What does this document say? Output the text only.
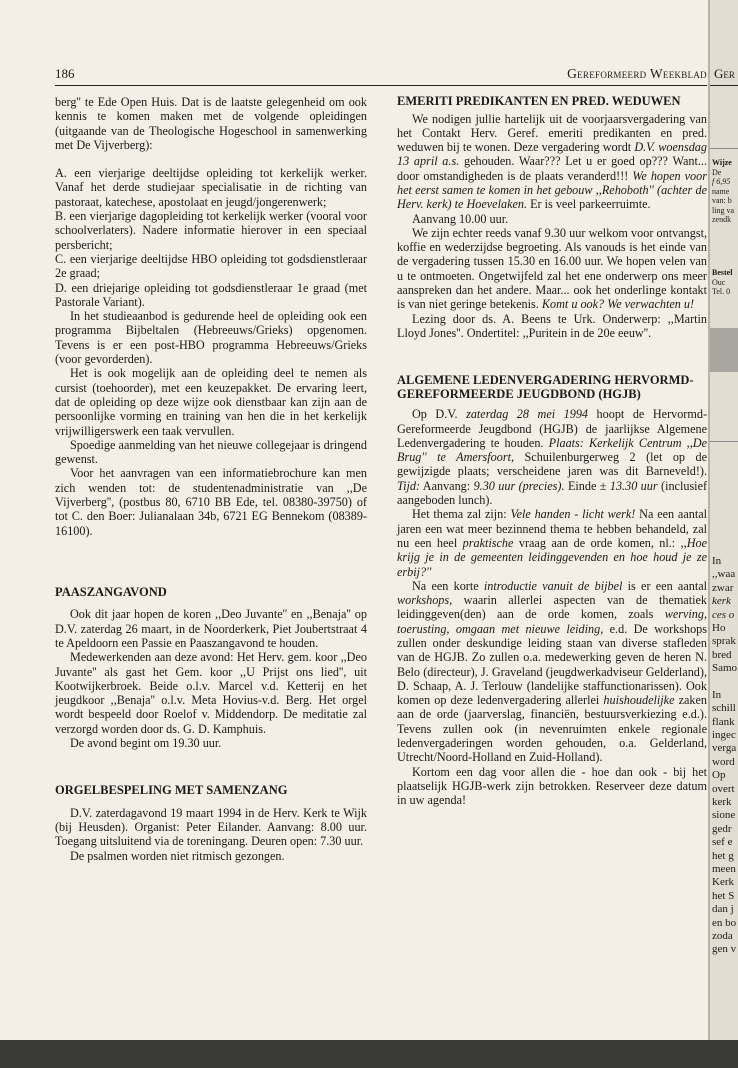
186	Gereformeerd Weekblad

berg'' te Ede Open Huis. Dat is de laatste gelegenheid om ook kennis te komen maken met de volgende opleidingen (uitgaande van de Theologische Hogeschool in samenwerking met De Vijverberg):

A. een vierjarige deeltijdse opleiding tot kerkelijk werker. Vanaf het derde studiejaar specialisatie in de richting van pastoraat, katechese, apostolaat en jeugd/jongerenwerk;

B. een vierjarige dagopleiding tot kerkelijk werker (vooral voor schoolverlaters). Nadere informatie hierover in een speciaal persbericht;

C. een vierjarige deeltijdse HBO opleiding tot godsdienstleraar 2e graad;

D. een driejarige opleiding tot godsdienstleraar 1e graad (met Pastorale Variant).

In het studieaanbod is gedurende heel de opleiding ook een programma Bijbeltalen (Hebreeuws/Grieks) opgenomen. Tevens is er een post-HBO programma Hebreeuws/Grieks (voor gevorderden).

Het is ook mogelijk aan de opleiding deel te nemen als cursist (toehoorder), met een keuzepakket. De ervaring leert, dat de opleiding op deze wijze ook dienstbaar kan zijn aan de persoonlijke vorming en training van hen die in het kerkelijk vrijwilligerswerk een taak vervullen.

Spoedige aanmelding van het nieuwe collegejaar is dringend gewenst.

Voor het aanvragen van een informatiebrochure kan men zich wenden tot: de studentenadministratie van ,,De Vijverberg'', (postbus 80, 6710 BB Ede, tel. 08380-39750) of tot C. den Boer: Julianalaan 34b, 6721 EG Bennekom (08389-16100).

PAASZANGAVOND

Ook dit jaar hopen de koren ,,Deo Juvante'' en ,,Benaja'' op D.V. zaterdag 26 maart, in de Noorderkerk, Piet Joubertstraat 4 te Apeldoorn een Passie en Paaszangavond te houden.

Medewerkenden aan deze avond: Het Herv. gem. koor ,,Deo Juvante'' als gast het Gem. koor ,,U Prijst ons lied'', uit Kootwijkerbroek. Beide o.l.v. Marcel v.d. Ketterij en het jeugdkoor ,,Benaja'' o.l.v. Meta Hovius-v.d. Berg. Het orgel wordt bespeeld door Roelof v. Middendorp. De meditatie zal verzorgd worden door ds. G. D. Kamphuis.

De avond begint om 19.30 uur.

ORGELBESPELING MET SAMENZANG

D.V. zaterdagavond 19 maart 1994 in de Herv. Kerk te Wijk (bij Heusden). Organist: Peter Eilander. Aanvang: 8.00 uur. Toegang uitsluitend via de toreningang. Deuren open: 7.30 uur.

De psalmen worden niet ritmisch gezongen.

EMERITI PREDIKANTEN EN PRED. WEDUWEN

We nodigen jullie hartelijk uit de voorjaarsvergadering van het Contakt Herv. Geref. emeriti predikanten en pred. weduwen bij te wonen. Deze vergadering wordt D.V. woensdag 13 april a.s. gehouden. Waar??? Let u er goed op??? Want... door omstandigheden is de plaats veranderd!!! We hopen voor het eerst samen te komen in het gebouw ,,Rehoboth'' (achter de Herv. kerk) te Hoevelaken. Er is veel parkeerruimte.

Aanvang 10.00 uur.

We zijn echter reeds vanaf 9.30 uur welkom voor ontvangst, koffie en wederzijdse begroeting. Als vanouds is het einde van de vergadering tussen 15.30 en 16.00 uur. We hopen velen van u te ontmoeten. Ongetwijfeld zal het ene onderwerp ons meer aanspreken dan het andere. Maar... ook het onderlinge kontakt is van niet geringe betekenis. Komt u ook? We verwachten u!

Lezing door ds. A. Beens te Urk. Onderwerp: ,,Martin Lloyd Jones''. Ondertitel: ,,Puritein in de 20e eeuw''.

ALGEMENE LEDENVERGADERING HERVORMD-GEREFORMEERDE JEUGDBOND (HGJB)

Op D.V. zaterdag 28 mei 1994 hoopt de Hervormd-Gereformeerde Jeugdbond (HGJB) de jaarlijkse Algemene Ledenvergadering te houden. Plaats: Kerkelijk Centrum ,,De Brug'' te Amersfoort, Schuilenburgerweg 2 (let op de gewijzigde plaats; verscheidene jaren was dit Barneveld!). Tijd: Aanvang: 9.30 uur (precies). Einde ± 13.30 uur (inclusief aangeboden lunch).

Het thema zal zijn: Vele handen - licht werk! Na een aantal jaren een wat meer bezinnend thema te hebben behandeld, zal nu een heel praktische vraag aan de orde komen, nl.: ,,Hoe krijg je in de gemeenten leidinggevenden en hoe houd je ze erbij?''

Na een korte introductie vanuit de bijbel is er een aantal workshops, waarin allerlei aspecten van de thematiek leidinggeven(den) aan de orde komen, zoals werving, toerusting, omgaan met nieuwe leiding, e.d. De workshops zullen onder deskundige leiding staan van diverse stafleden van de HGJB. Zo zullen o.a. medewerking geven de heren N. Belo (directeur), J. Graveland (jeugdwerkadviseur Gelderland), D. Schaap, A. J. Terlouw (landelijke staffunctionarissen). Ook komen op deze ledenvergadering allerlei huishoudelijke zaken aan de orde (jaarverslag, financiën, bestuursverkiezing e.d.). Tevens zullen ook (in nevenruimten enkele regionale ledenvergaderingen worden gehouden, o.a. Gelderland, Utrecht/Noord-Holland en Zuid-Holland).

Kortom een dag voor allen die - hoe dan ook - bij het plaatselijk HGJB-werk zijn betrokken. Reserveer deze datum in uw agenda!

Ger
Wijze
De
f 6,95
name
van: b
ling va
zendk
Bestel
Ouc
Tel. 0
In
,,waa
zwar
kerk
ces o
Ho
sprak
bred
Samo
In
schill
flank
ingec
verga
word
Op
overt
kerk
sione
gedr
sef e
het g
meen
Kerk
het S
dan j
en bo
zoda
gen v
